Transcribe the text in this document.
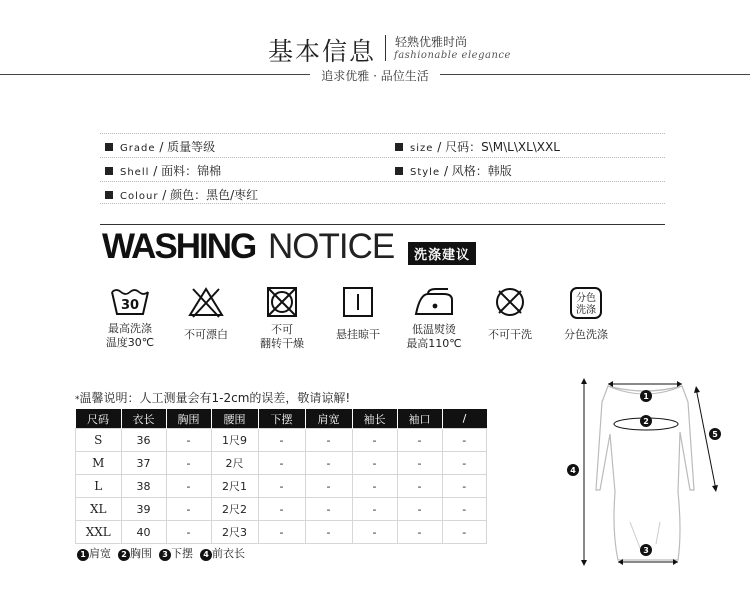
基本信息 轻熟优雅时尚
fashionable elegance
追求优雅 · 品位生活
Grade / 质量等级	size / 尺码：S\M\L\XL\XXL
Shell / 面料：锦棉	Style / 风格：韩版
Colour / 颜色：黑色/枣红
WASHING NOTICE	洗涤建议
30
最高洗涤
温度30℃
不可漂白	不可
翻转干燥
悬挂晾干	低温熨烫
最高110℃
不可干洗
分色
洗涤
分色洗涤
*温馨说明：人工测量会有1-2cm的误差，敬请谅解!
尺码	衣长	胸围	腰围	下摆	肩宽	袖长	袖口	/
S	36	-	1尺9	-	-	-	-	-
M	37	-	2尺	-	-	-	-	-
L	38	-	2尺1	-	-	-	-	-
XL	39	-	2尺2	-	-	-	-	-
XXL	40	-	2尺3	-	-	-	-	-
1 肩宽 2 胸围 3 下摆 4 前衣长
1
2
3
4
5
